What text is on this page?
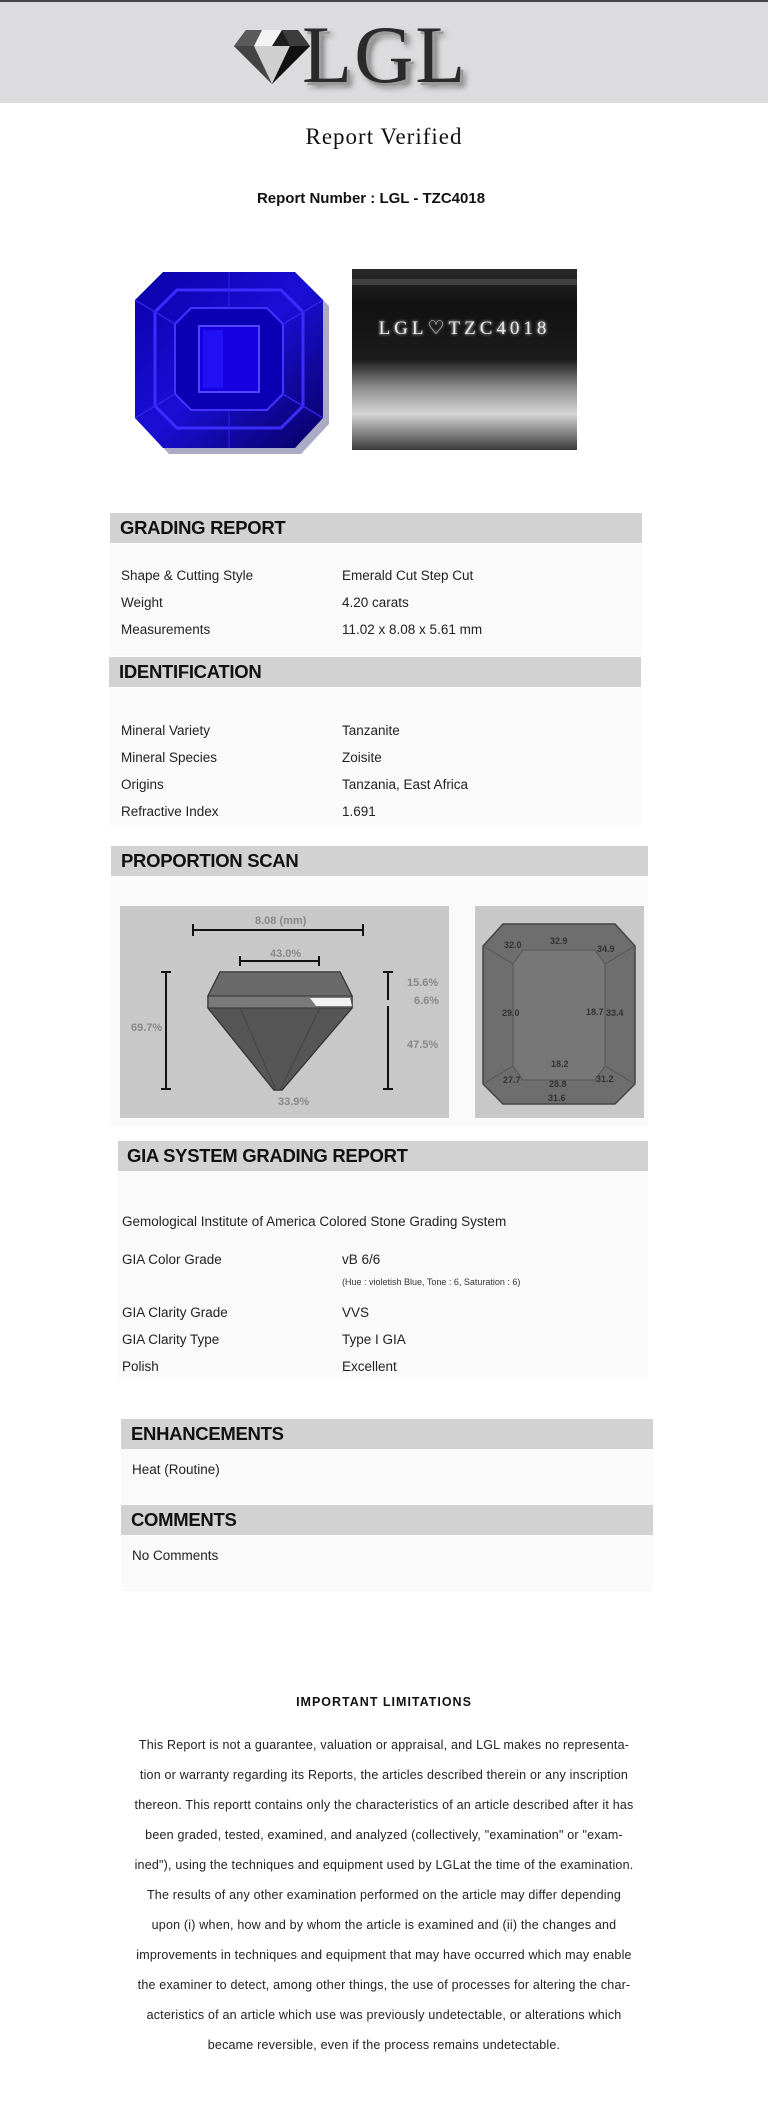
LGL
Report Verified
Report Number : LGL - TZC4018
LGL♡TZC4018
GRADING REPORT
Shape & Cutting Style	Emerald Cut Step Cut
Weight	4.20 carats
Measurements	11.02 x 8.08 x 5.61 mm
IDENTIFICATION
Mineral Variety	Tanzanite
Mineral Species	Zoisite
Origins	Tanzania, East Africa
Refractive Index	1.691
PROPORTION SCAN
8.08 (mm)
43.0%
69.7%
15.6%
6.6%
47.5%
33.9%
32.0	32.9
34.9
29.0	18.7 33.4
18.2
27.7	28.8	31.2
31.6
GIA SYSTEM GRADING REPORT
Gemological Institute of America Colored Stone Grading System
GIA Color Grade	vB 6/6
(Hue : violetish Blue, Tone : 6, Saturation : 6)
GIA Clarity Grade	VVS
GIA Clarity Type	Type I GIA
Polish	Excellent
ENHANCEMENTS
Heat (Routine)
COMMENTS
No Comments
IMPORTANT LIMITATIONS
This Report is not a guarantee, valuation or appraisal, and LGL makes no representa-
tion or warranty regarding its Reports, the articles described therein or any inscription
thereon. This reportt contains only the characteristics of an article described after it has
been graded, tested, examined, and analyzed (collectively, "examination" or "exam-
ined"), using the techniques and equipment used by LGLat the time of the examination.
The results of any other examination performed on the article may differ depending
upon (i) when, how and by whom the article is examined and (ii) the changes and
improvements in techniques and equipment that may have occurred which may enable
the examiner to detect, among other things, the use of processes for altering the char-
acteristics of an article which use was previously undetectable, or alterations which
became reversible, even if the process remains undetectable.
